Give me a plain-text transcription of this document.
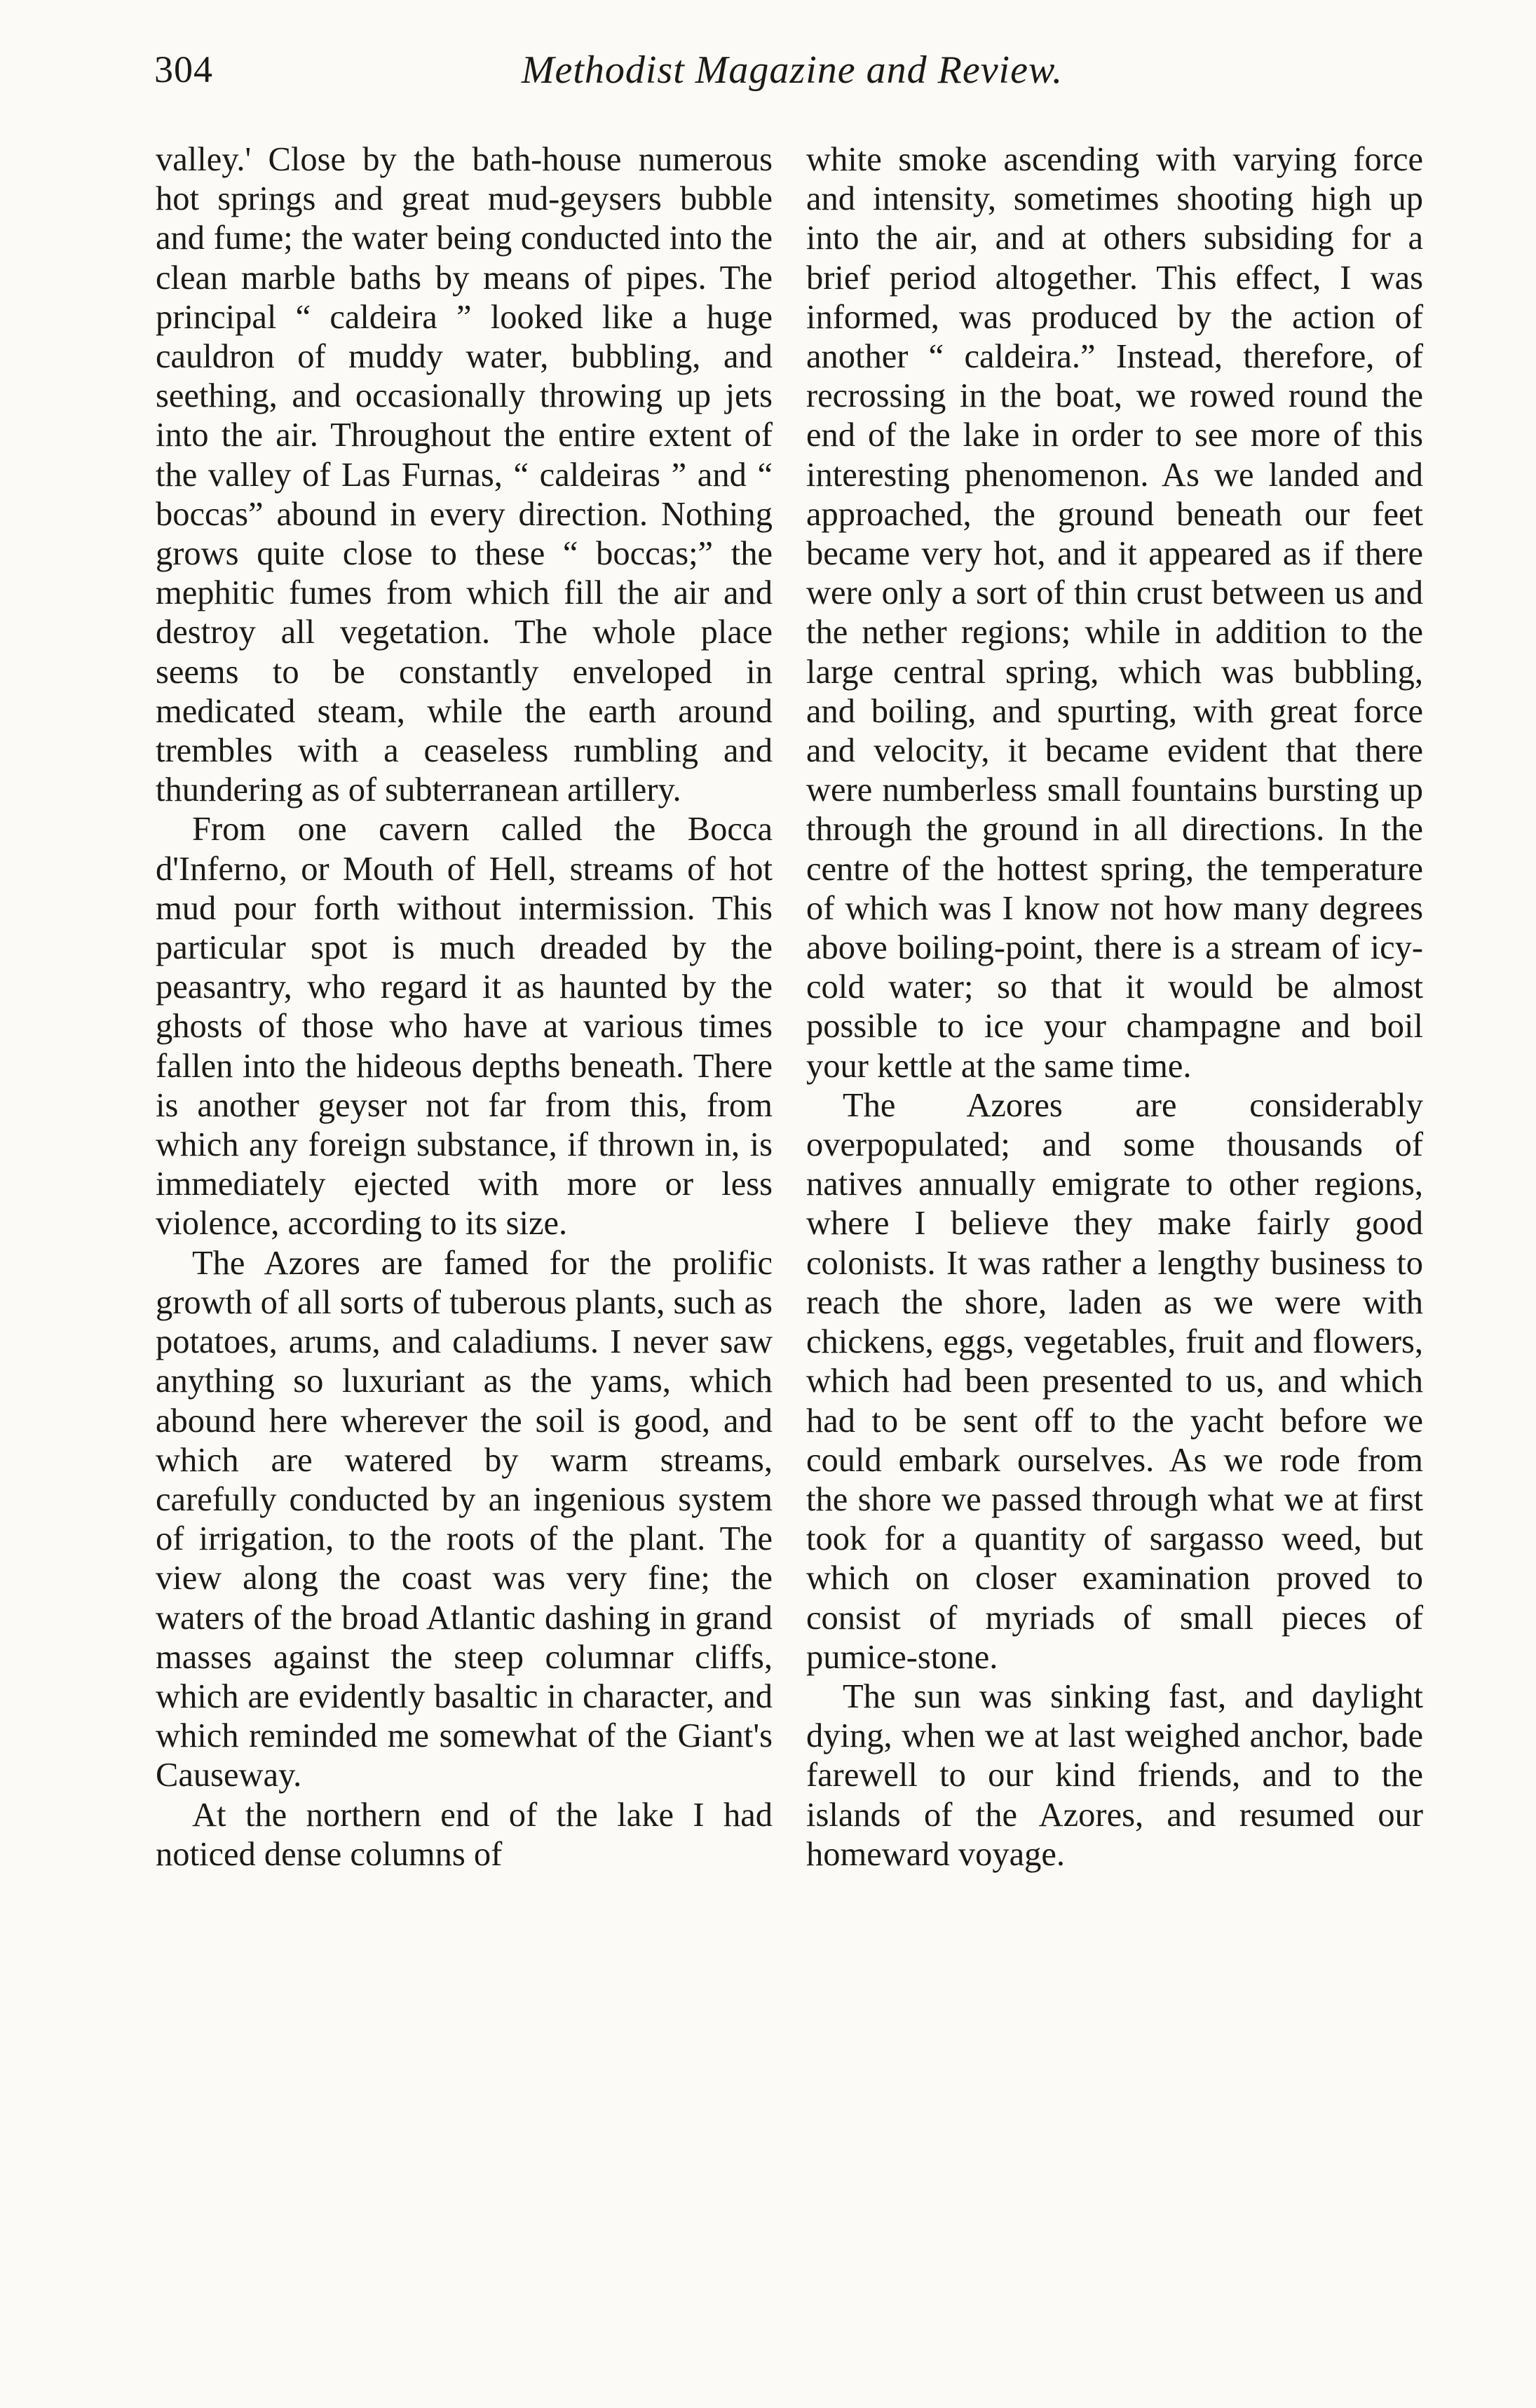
304	Methodist Magazine and Review.

valley.' Close by the bath-house numerous hot springs and great mud-geysers bubble and fume; the water being conducted into the clean marble baths by means of pipes. The principal “ caldeira ” looked like a huge cauldron of muddy water, bubbling, and seething, and occasionally throwing up jets into the air. Throughout the entire extent of the valley of Las Furnas, “ caldeiras ” and “ boccas” abound in every direction. Nothing grows quite close to these “ boccas;” the mephitic fumes from which fill the air and destroy all vegetation. The whole place seems to be constantly enveloped in medicated steam, while the earth around trembles with a ceaseless rumbling and thundering as of subterranean artillery.

From one cavern called the Bocca d'Inferno, or Mouth of Hell, streams of hot mud pour forth without intermission. This particular spot is much dreaded by the peasantry, who regard it as haunted by the ghosts of those who have at various times fallen into the hideous depths beneath. There is another geyser not far from this, from which any foreign substance, if thrown in, is immediately ejected with more or less violence, according to its size.

The Azores are famed for the prolific growth of all sorts of tuberous plants, such as potatoes, arums, and caladiums. I never saw anything so luxuriant as the yams, which abound here wherever the soil is good, and which are watered by warm streams, carefully conducted by an ingenious system of irrigation, to the roots of the plant. The view along the coast was very fine; the waters of the broad Atlantic dashing in grand masses against the steep columnar cliffs, which are evidently basaltic in character, and which reminded me somewhat of the Giant's Causeway.

At the northern end of the lake I had noticed dense columns of

white smoke ascending with varying force and intensity, sometimes shooting high up into the air, and at others subsiding for a brief period altogether. This effect, I was informed, was produced by the action of another “ caldeira.” Instead, therefore, of recrossing in the boat, we rowed round the end of the lake in order to see more of this interesting phenomenon. As we landed and approached, the ground beneath our feet became very hot, and it appeared as if there were only a sort of thin crust between us and the nether regions; while in addition to the large central spring, which was bubbling, and boiling, and spurting, with great force and velocity, it became evident that there were numberless small fountains bursting up through the ground in all directions. In the centre of the hottest spring, the temperature of which was I know not how many degrees above boiling-point, there is a stream of icy-cold water; so that it would be almost possible to ice your champagne and boil your kettle at the same time.

The Azores are considerably overpopulated; and some thousands of natives annually emigrate to other regions, where I believe they make fairly good colonists. It was rather a lengthy business to reach the shore, laden as we were with chickens, eggs, vegetables, fruit and flowers, which had been presented to us, and which had to be sent off to the yacht before we could embark ourselves. As we rode from the shore we passed through what we at first took for a quantity of sargasso weed, but which on closer examination proved to consist of myriads of small pieces of pumice-stone.

The sun was sinking fast, and daylight dying, when we at last weighed anchor, bade farewell to our kind friends, and to the islands of the Azores, and resumed our homeward voyage.
